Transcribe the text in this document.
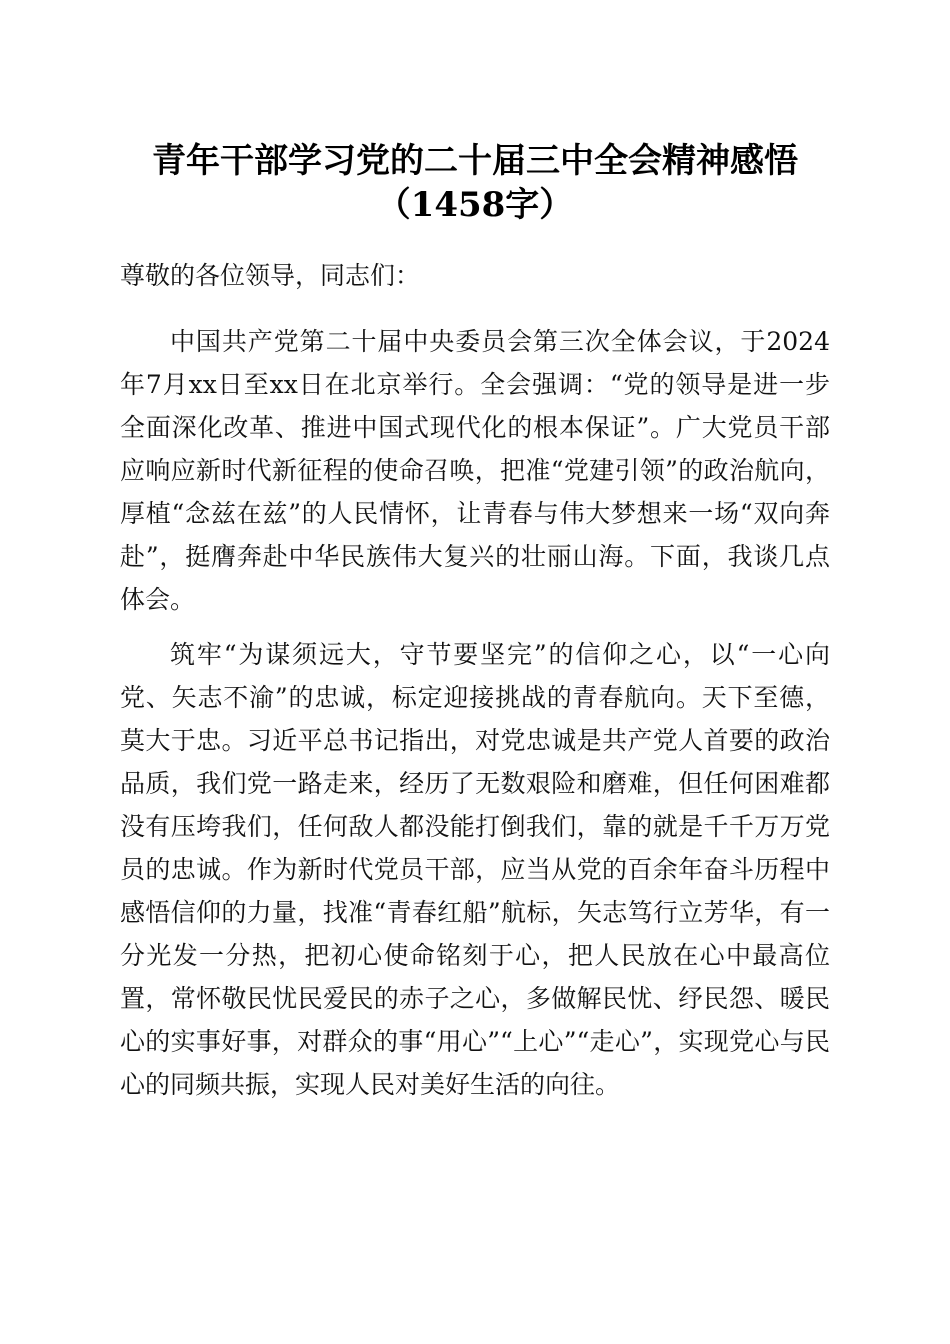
青年干部学习党的二十届三中全会精神感悟
（1458字）

尊敬的各位领导，同志们：

中国共产党第二十届中央委员会第三次全体会议，于2024年7月xx日至xx日在北京举行。全会强调：“党的领导是进一步全面深化改革、推进中国式现代化的根本保证”。广大党员干部应响应新时代新征程的使命召唤，把准“党建引领”的政治航向，厚植“念兹在兹”的人民情怀，让青春与伟大梦想来一场“双向奔赴”，挺膺奔赴中华民族伟大复兴的壮丽山海。下面，我谈几点体会。

筑牢“为谋须远大，守节要坚完”的信仰之心，以“一心向党、矢志不渝”的忠诚，标定迎接挑战的青春航向。天下至德，莫大于忠。习近平总书记指出，对党忠诚是共产党人首要的政治品质，我们党一路走来，经历了无数艰险和磨难，但任何困难都没有压垮我们，任何敌人都没能打倒我们，靠的就是千千万万党员的忠诚。作为新时代党员干部，应当从党的百余年奋斗历程中感悟信仰的力量，找准“青春红船”航标，矢志笃行立芳华，有一分光发一分热，把初心使命铭刻于心，把人民放在心中最高位置，常怀敬民忧民爱民的赤子之心，多做解民忧、纾民怨、暖民心的实事好事，对群众的事“用心”“上心”“走心”，实现党心与民心的同频共振，实现人民对美好生活的向往。
